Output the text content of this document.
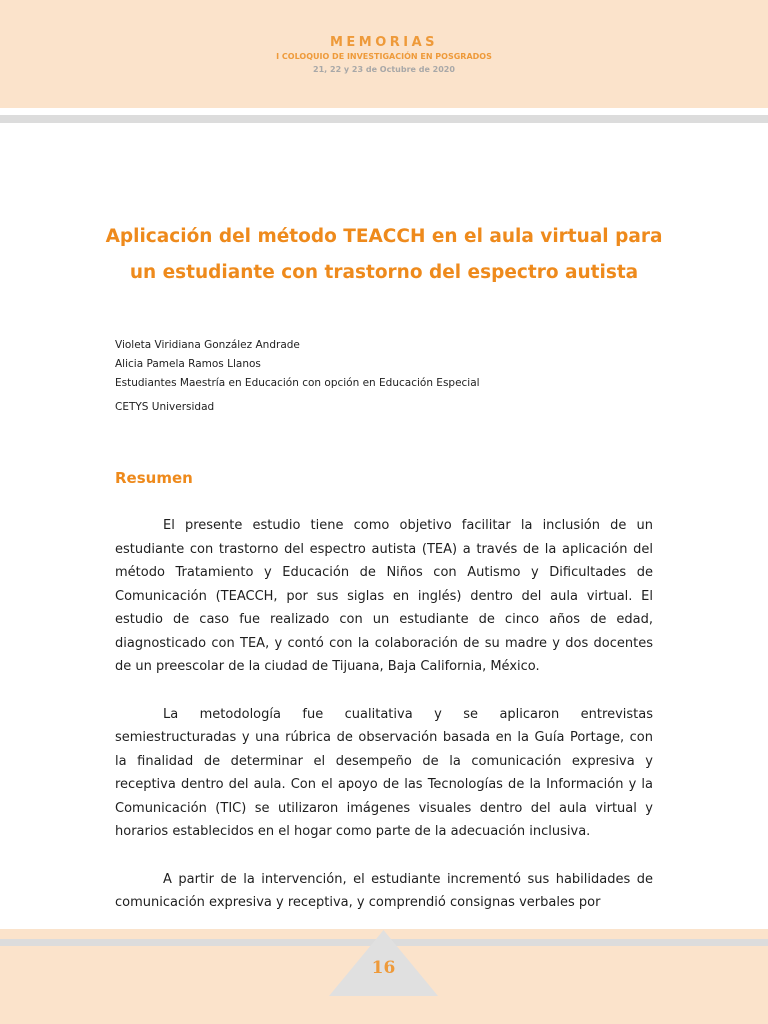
MEMORIAS
I COLOQUIO DE INVESTIGACIÓN EN POSGRADOS
21, 22 y 23 de Octubre de 2020
Aplicación del método TEACCH en el aula virtual para un estudiante con trastorno del espectro autista
Violeta Viridiana González Andrade
Alicia Pamela Ramos Llanos
Estudiantes Maestría en Educación con opción en Educación Especial
CETYS Universidad
Resumen

El presente estudio tiene como objetivo facilitar la inclusión de un estudiante con trastorno del espectro autista (TEA) a través de la aplicación del método Tratamiento y Educación de Niños con Autismo y Dificultades de Comunicación (TEACCH, por sus siglas en inglés) dentro del aula virtual. El estudio de caso fue realizado con un estudiante de cinco años de edad, diagnosticado con TEA, y contó con la colaboración de su madre y dos docentes de un preescolar de la ciudad de Tijuana, Baja California, México.

La metodología fue cualitativa y se aplicaron entrevistas semiestructuradas y una rúbrica de observación basada en la Guía Portage, con la finalidad de determinar el desempeño de la comunicación expresiva y receptiva dentro del aula. Con el apoyo de las Tecnologías de la Información y la Comunicación (TIC) se utilizaron imágenes visuales dentro del aula virtual y horarios establecidos en el hogar como parte de la adecuación inclusiva.

A partir de la intervención, el estudiante incrementó sus habilidades de comunicación expresiva y receptiva, y comprendió consignas verbales por

16
